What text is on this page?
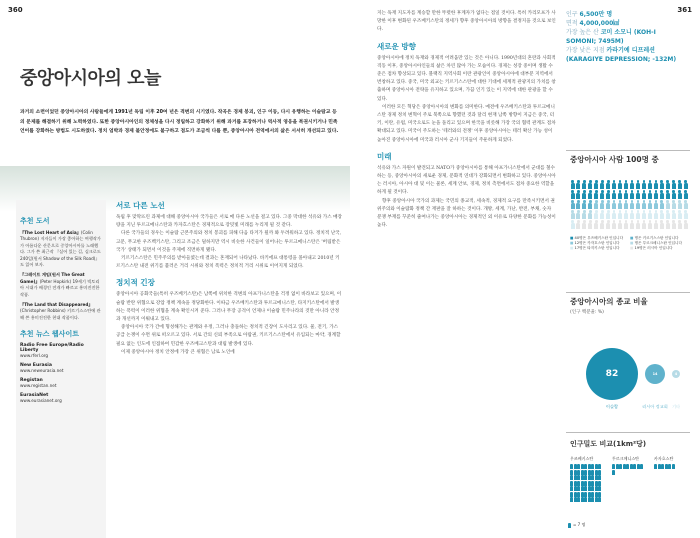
360
중앙아시아의 오늘
과거의 소련이었던 중앙아시아의 사람들에게 1991년 독립 이후 20여 년은 격변의 시기였다. 작곡은 경제 붕괴, 인구 이동, 다시 유행하는 이슬람교 등의 문제를 해결하기 위해 노력하였다. 또한 중앙아시아인의 정체성을 다시 정립하고 강화하기 위해 과거를 포장하거나 역사적 영웅을 복권시키거나 민족 언어를 강화하는 방법도 시도하였다. 정치 엄박과 경제 불안정에도 불구하고 점도가 조금씩 다를 뿐, 중앙아시아 전역에서의 삶은 서서히 개선되고 있다.
추천 도서
『The Lost Heart of Asia』(Colin Thubron) 저자들이 가장 좋아하는 여행작가가 아름다운 산문으로 중앙아시아를 노래했다. 그가 쓴 최근작 『실어 있는 길, 실크로드 240일(원서 Shadow of the Silk Road)』도 읽어 보자.
『그레이트 게임(원서 The Great Game)』(Peter Hopkirk) 19세기 빅토리아 시대가 배경인 전개가 빠르고 흥미진진한 작품.
『The Land that Disappeared』(Christopher Robbins) 키르기스스탄에 관해 쓴 흥미진진한 현대 작품이다.
추천 뉴스 웹사이트
Radio Free Europe/Radio Liberty
www.rferl.org
New Eurasia
www.neweurasia.net
Registan
www.registan.net
EurasiaNet
www.eurasianet.org
서로 다른 노선

독립 후 맞딱뜨린 과제에 대해 중앙아시아 국가들은 서로 매 다른 노선을 걸고 있다. 그중 막대한 석유와 가스 매장량을 지닌 투르크메니스탄과 카자흐스탄은 경제적으로 장밋빛 미래를 누리게 될 것 같다.

다른 국가들의 경우는 이슬람 근본주의와 정치 봉괴를 피해 다음 타겨가 될까 봐 두려워하고 있다. 정치적 난국, 고문, 무고한 우즈벡키스탄, 그리고 조금은 덜하지만 역시 비슷한 사건들이 일어나는 투르크메니스탄은 '버림받은 국가' 상태가 되면서 이것을 주제에 직면하게 됐다.

키르기스스탄은 민주주의를 받아들였는데 결과는 혼재되어 나타났다. 바키에프 대통령을 몰아내고 2010년 키르기스스탄 내전 위기를 불러온 거리 시위와 정치 폭력은 정치적 거리 시위로 이어지게 되었다.

정치적 긴장

중앙아시아 공화국들(특히 우즈베키스탄)은 남쪽에 위치한 격변의 아프가니스탄을 걱정 없이 바라보고 있으며, 이슬람 반란 위협으로 강압 정책 계속을 정당화한다. 이따금 우즈베키스탄과 투르크메니스탄, 타지키스탄에서 발생하는 폭력이 이러한 위협을 계속 확인시켜 준다. 그러나 무장 공격이 언제나 이슬람 민주나라의 것만 아니라 안정과 개선까지 이뤄내고 있다.

중앙아시아 국가 간에 형성해가는 관계와 우정, 그러나 충돌하는 정치적 긴장이 도사리고 있다. 물, 전기, 가스 공급 논쟁이 수면 위로 떠오르고 있다. 서로 간의 신뢰 부족으로 아랍권, 키르기스스탄에서 유입되는 마약, 경계할 필요 없는 인도에 인접하여 민감한 우즈베크스탄과 대립 발생에 있다.

이제 중앙아시아 정치 안정에 가장 큰 위협은 남로 노인에

361

지는 독재 지도자를 계승할 만한 뚜렷한 후계자가 없다는 점일 것이다. 특히 카리모프가 사망한 이후 변화된 우즈베키스탄의 정세가 향후 중앙아시아의 방향을 결정지을 것으로 보인다.

새로운 방향

중앙아시아에 정치 독재와 경제적 어려움만 있는 것은 아니다. 1990년대의 혼란과 사회적 격동 이후, 중앙아시아인들의 삶은 차린 많아 가는 모습이다. 경제는 성장 중이며 생활 수준은 점차 향상되고 있다. 블랙직 지역사회 이란 관광인이 중앙아시아에 대부분 지역에서 번창하고 있다. 중국, 미국 외교는 키르기스스탄에 대한 기대에 세계적 관광지의 가치를 창출하며 중앙아시아 전략을 유지하고 있으며, 가끔 인기 있는 이 지역에 대한 관광을 할 수 있다.

이러한 모든 혁당은 중앙아시아의 변화를 의미한다. 예전에 우즈베키스탄과 투르크메니스탄 경제 정치 변혁이 주로 북쪽으로 향했던 것과 달리 현재 남쪽 방향이 지금은 중국, 터키, 이란, 유럽, 미국으로도 눈을 돌리고 있으며 한국을 비롯해 가장 국의 협력 관계도 점차 확대되고 있다. 미국이 주도하는 '테러와의 전쟁' 이후 중앙아시아는 테러 확산 가능 성이 높아진 중앙아시아에 미국과 러시아 군사 기지들이 주둔하게 되었다.

미래

석유와 가스 자원이 발견되고 NATO가 중앙아시아를 통해 아프가니스탄에서 군대를 철수하는 등, 중앙아시아의 새로운 경제, 문화적 연대가 강화되면서 변화하고 있다. 중앙아시아는 러시아, 아시아 대 및 이는 물론, 세계 안보, 경제, 정치 측면에서도 점차 중요한 역할을 하게 될 것이다.

향후 중앙아시아 국가의 과제는 국민의 종교적, 세속적, 경제적 요구를 만족시키면서 권위주의와 이슬람화 정책 간 재판을 잘 하하는 것이다. 개방, 세계, 가난, 반전, 부채, 숫자 분쟁 부재를 꾸준히 줄여나가는 중앙아시아는 경제적인 외 이유로 다양한 문화를 가능성이 높다.

인구 6,500만 명
면적 4,000,000㎢
가장 높은 산 코미 소모니 (KOH-I SOMONI; 7495M)
가장 낮은 지점 카라기예 디프레션 (KARAGIYE DEPRESSION; -132M)
중앙아시아 사람 100명 중
■ 40명은 우즈베키스탄 인입니다 ■ 명은 키르기스스탄 인입니다■ 12명은 카자흐스탄 인입니다	■ 명은 투르크메니스탄 인입니다■ 17명은 타지키스탄 인입니다	■ 19명은 러시아 인입니다
중앙아시아의 종교 비율
(인구 백분율: %)
82
이슬람
14
러시아 정교회
4
기타
인구밀도 비교(1km²당)
우즈베키스탄	투르크메니스탄	카자흐스탄
= 7 명
